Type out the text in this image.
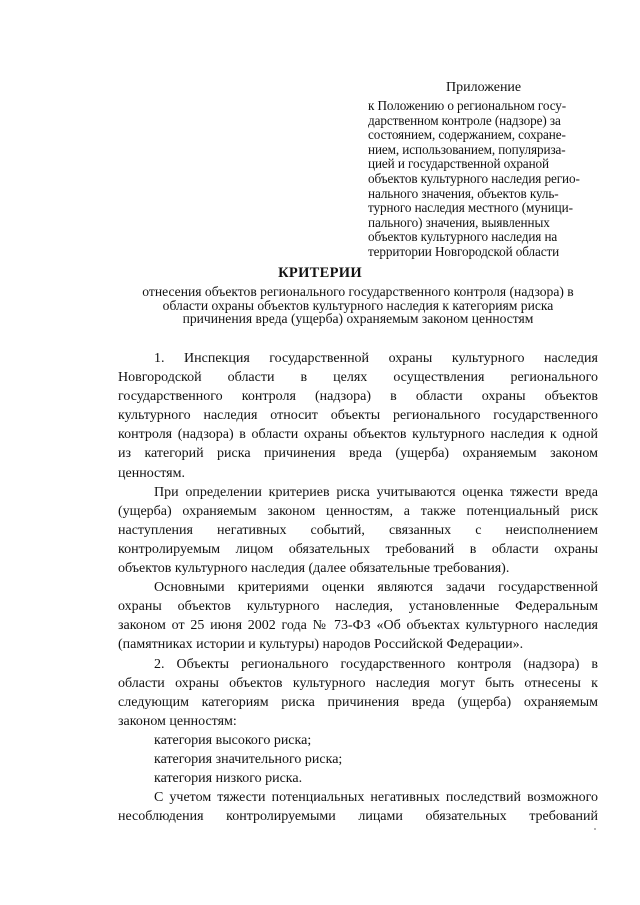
Приложение
к Положению о региональном госу-
дарственном контроле (надзоре) за
состоянием, содержанием, сохране-
нием, использованием, популяриза-
цией и государственной охраной
объектов культурного наследия регио-
нального значения, объектов куль-
турного наследия местного (муници-
пального) значения, выявленных
объектов культурного наследия на
территории Новгородской области
КРИТЕРИИ
отнесения объектов регионального государственного контроля (надзора) в
области охраны объектов культурного наследия к категориям риска
причинения вреда (ущерба) охраняемым законом ценностям
1. Инспекция государственной охраны культурного наследия
Новгородской области в целях осуществления регионального
государственного контроля (надзора) в области охраны объектов
культурного наследия относит объекты регионального государственного
контроля (надзора) в области охраны объектов культурного наследия к одной
из категорий риска причинения вреда (ущерба) охраняемым законом
ценностям.
При определении критериев риска учитываются оценка тяжести вреда
(ущерба) охраняемым законом ценностям, а также потенциальный риск
наступления негативных событий, связанных с неисполнением
контролируемым лицом обязательных требований в области охраны
объектов культурного наследия (далее обязательные требования).
Основными критериями оценки являются задачи государственной
охраны объектов культурного наследия, установленные Федеральным
законом от 25 июня 2002 года № 73-ФЗ «Об объектах культурного наследия
(памятниках истории и культуры) народов Российской Федерации».
2. Объекты регионального государственного контроля (надзора) в
области охраны объектов культурного наследия могут быть отнесены к
следующим категориям риска причинения вреда (ущерба) охраняемым
законом ценностям:
категория высокого риска;
категория значительного риска;
категория низкого риска.
С учетом тяжести потенциальных негативных последствий возможного
несоблюдения контролируемыми лицами обязательных требований
